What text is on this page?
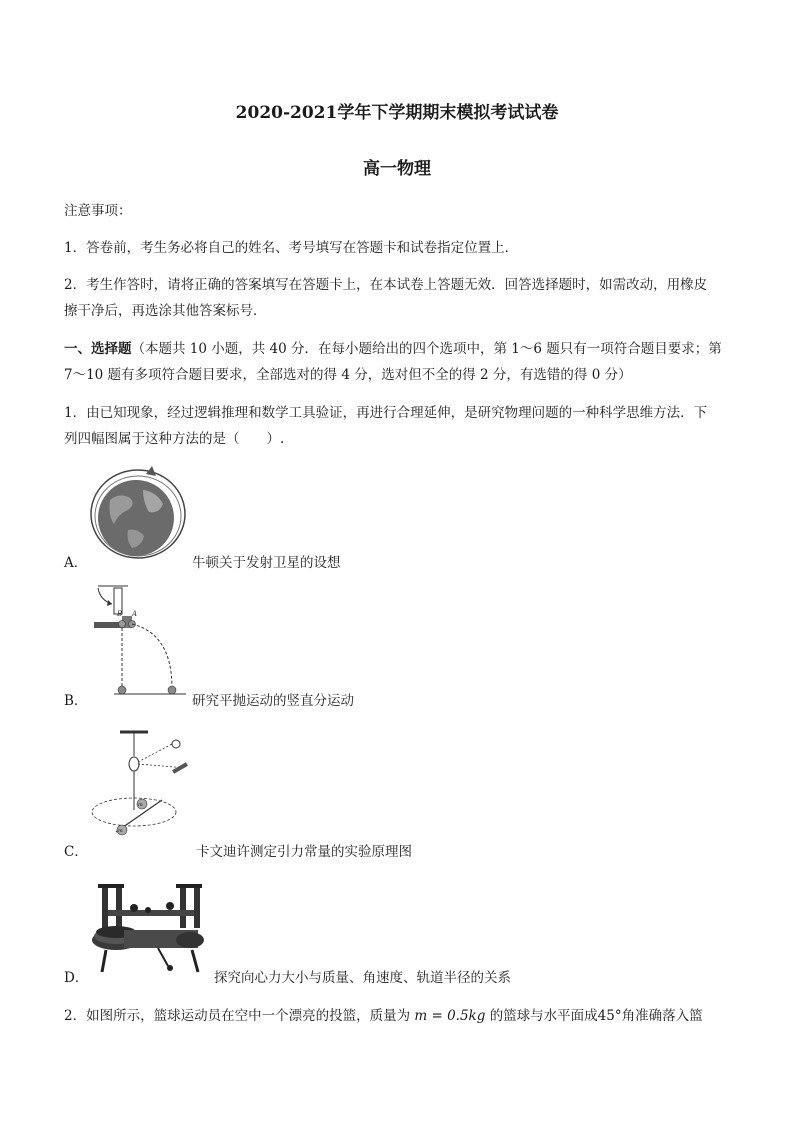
2020-2021学年下学期期末模拟考试试卷
高一物理
注意事项：
1．答卷前，考生务必将自己的姓名、考号填写在答题卡和试卷指定位置上．
2．考生作答时，请将正确的答案填写在答题卡上，在本试卷上答题无效．回答选择题时，如需改动，用橡皮
擦干净后，再选涂其他答案标号．
一、选择题（本题共 10 小题，共 40 分．在每小题给出的四个选项中，第 1～6 题只有一项符合题目要求；第
7～10 题有多项符合题目要求，全部选对的得 4 分，选对但不全的得 2 分，有选错的得 0 分）
1．由已知现象，经过逻辑推理和数学工具验证，再进行合理延伸，是研究物理问题的一种科学思维方法．下
列四幅图属于这种方法的是（　　）.
A．	牛顿关于发射卫星的设想
B A
B．	研究平抛运动的竖直分运动
m
m
C．	卡文迪许测定引力常量的实验原理图
D．	探究向心力大小与质量、角速度、轨道半径的关系
2．如图所示，篮球运动员在空中一个漂亮的投篮，质量为 m = 0.5kg 的篮球与水平面成45°角准确落入篮
